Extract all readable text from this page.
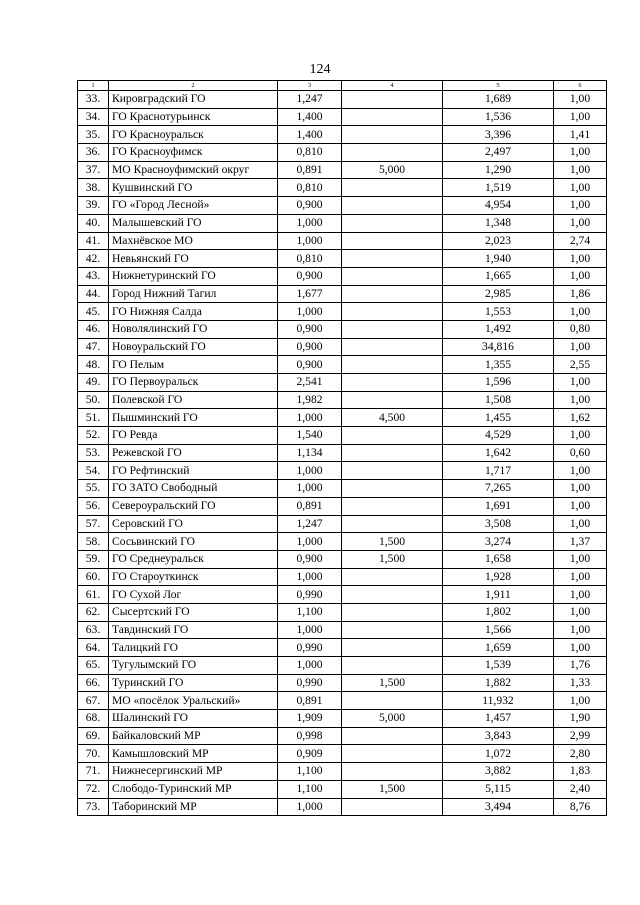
124
1	2	3	4	5	6
33.	Кировградский ГО	1,247		1,689	1,00
34.	ГО Краснотурьинск	1,400		1,536	1,00
35.	ГО Красноуральск	1,400		3,396	1,41
36.	ГО Красноуфимск	0,810		2,497	1,00
37.	МО Красноуфимский округ	0,891	5,000	1,290	1,00
38.	Кушвинский ГО	0,810		1,519	1,00
39.	ГО «Город Лесной»	0,900		4,954	1,00
40.	Малышевский ГО	1,000		1,348	1,00
41.	Махнёвское МО	1,000		2,023	2,74
42.	Невьянский ГО	0,810		1,940	1,00
43.	Нижнетуринский ГО	0,900		1,665	1,00
44.	Город Нижний Тагил	1,677		2,985	1,86
45.	ГО Нижняя Салда	1,000		1,553	1,00
46.	Новолялинский ГО	0,900		1,492	0,80
47.	Новоуральский ГО	0,900		34,816	1,00
48.	ГО Пелым	0,900		1,355	2,55
49.	ГО Первоуральск	2,541		1,596	1,00
50.	Полевской ГО	1,982		1,508	1,00
51.	Пышминский ГО	1,000	4,500	1,455	1,62
52.	ГО Ревда	1,540		4,529	1,00
53.	Режевской ГО	1,134		1,642	0,60
54.	ГО Рефтинский	1,000		1,717	1,00
55.	ГО ЗАТО Свободный	1,000		7,265	1,00
56.	Североуральский ГО	0,891		1,691	1,00
57.	Серовский ГО	1,247		3,508	1,00
58.	Сосьвинский ГО	1,000	1,500	3,274	1,37
59.	ГО Среднеуральск	0,900	1,500	1,658	1,00
60.	ГО Староуткинск	1,000		1,928	1,00
61.	ГО Сухой Лог	0,990		1,911	1,00
62.	Сысертский ГО	1,100		1,802	1,00
63.	Тавдинский ГО	1,000		1,566	1,00
64.	Талицкий ГО	0,990		1,659	1,00
65.	Тугулымский ГО	1,000		1,539	1,76
66.	Туринский ГО	0,990	1,500	1,882	1,33
67.	МО «посёлок Уральский»	0,891		11,932	1,00
68.	Шалинский ГО	1,909	5,000	1,457	1,90
69.	Байкаловский МР	0,998		3,843	2,99
70.	Камышловский МР	0,909		1,072	2,80
71.	Нижнесергинский МР	1,100		3,882	1,83
72.	Слободо-Туринский МР	1,100	1,500	5,115	2,40
73.	Таборинский МР	1,000		3,494	8,76
